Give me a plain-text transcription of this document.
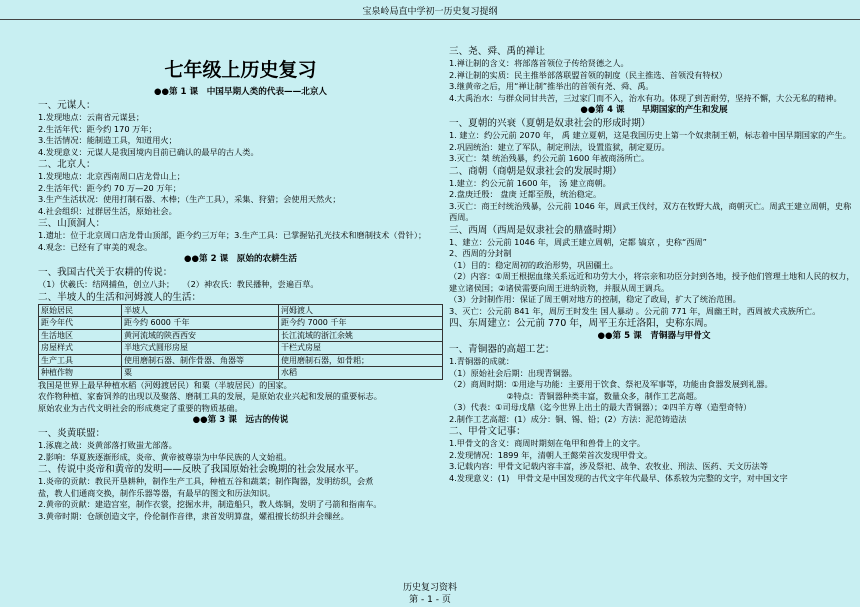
宝泉岭局直中学初一历史复习提纲
七年级上历史复习
●●第 1 课　中国早期人类的代表——北京人
一、元谋人：
1.发现地点：云南省元谋县；
2.生活年代：距今约 170 万年；
3.生活情况：能制造工具，知道用火；
4.发现意义：元谋人是我国境内目前已确认的最早的古人类。
二、北京人：
1.发现地点：北京西南周口店龙骨山上；
2.生活年代：距今约 70 万—20 万年；
3.生产生活状况：使用打制石器、木棒；（生产工具），采集、狩猎；会使用天然火；
4.社会组织：过群居生活，原始社会。
三、山顶洞人：
1.遗址：位于北京周口店龙骨山顶部，距今约三万年；3.生产工具：已掌握钻孔光技术和磨制技术（骨针）；
4.观念：已经有了审美的观念。
●●第 2 课　原始的农耕生活
一、我国古代关于农耕的传说：
（1）伏羲氏：结网捕鱼，创立八卦；　　（2）神农氏：教民播种，尝遍百草。
二、半坡人的生活和河姆渡人的生活：
原始居民	半坡人	河姆渡人
距今年代	距今约 6000 千年	距今约 7000 千年
生活地区	黄河流域的陕西西安	长江流域的浙江余姚
房屋样式	半地穴式圆形房屋	干栏式房屋
生产工具	使用磨制石器、制作骨器、角器等	使用磨制石器，如骨耜；
种植作物	粟	水稻
我国是世界上最早种植水稻（河姆渡居民）和粟（半坡居民）的国家。
农作物种植、家畜饲养的出现以及聚落、磨制工具的发展，是原始农业兴起和发展的重要标志。
原始农业为古代文明社会的形成奠定了重要的物质基础。
●●第 3 课　远古的传说
一、炎黄联盟：
1.涿鹿之战：炎黄部落打败蚩尤部落。
2.影响：华夏族逐渐形成，炎帝、黄帝被尊崇为中华民族的人文始祖。
二、传说中炎帝和黄帝的发明——反映了我国原始社会晚期的社会发展水平。
1.炎帝的贡献：教民开垦耕种，制作生产工具，种植五谷和蔬菜；制作陶器，发明纺织，会煮
盐，教人们通商交换，制作乐器等器，有最早的图文和历法知识。
2.黄帝的贡献：建造宫室，制作衣裳，挖掘水井，制造船只，教人炼铜，发明了弓箭和指南车。
3.黄帝时期：仓颉创造文字，伶伦制作音律，隶首发明算盘，嫘祖擅长纺织并会缫丝。
三、尧、舜、禹的禅让
1.禅让制的含义：将部落首领位子传给贤德之人。
2.禅让制的实质：民主推举部落联盟首领的制度（民主推选、首领没有特权）
3.继黄帝之后，用“禅让制”推举出的首领有尧、舜、禹。
4.大禹治水：与群众同甘共苦，三过家门而不入，治水有功。体现了到苦耐劳，坚持不懈，大公无私的精神。
●●第 4 课　　早期国家的产生和发展
一、夏朝的兴衰（夏朝是奴隶社会的形成时期）
1. 建立：约公元前 2070 年， 禹 建立夏朝，这是我国历史上第一个奴隶制王朝，标志着中国早期国家的产生。
2.巩固统治：建立了军队，制定刑法，设置监狱，制定夏历。
3.灭亡：桀 统治残暴，约公元前 1600 年被商汤所亡。
二、商朝（商朝是奴隶社会的发展时期）
1.建立：约公元前 1600 年， 汤 建立商朝。
2.盘庚迁殷： 盘庚 迁都至殷，统治稳定。
3.灭亡：商王纣统治残暴，公元前 1046 年，周武王伐纣，双方在牧野大战，商朝灭亡。周武王建立周朝，史称西周。
三、西周（西周是奴隶社会的鼎盛时期）
1、建立：公元前 1046 年，周武王建立周朝，定都 镐京 ，史称“西周”
2、西周的分封制
（1）目的：稳定周初的政治形势，巩固疆土。
（2）内容：①周王根据血缘关系远近和功劳大小，将宗亲和功臣分封到各地，授予他们管理土地和人民的权力，建立诸侯国；②诸侯需要向周王进纳贡物，并服从周王调兵。
（3）分封制作用：保证了周王朝对地方的控制，稳定了政局，扩大了统治范围。
3、灭亡：公元前 841 年，周厉王时发生 国人暴动 。公元前 771 年，周幽王时，西周被犬戎族所亡。
四、东周建立：公元前 770 年，周平王东迁洛阳，史称东周。
●●第 5 课　青铜器与甲骨文
一、青铜器的高超工艺：
1.青铜器的成就：
（1）原始社会后期：出现青铜器。
（2）商周时期：①用途与功能：主要用于饮食、祭祀及军事等，功能由食器发展到礼器。
　　　　　　　②特点：青铜器种类丰富，数量众多，制作工艺高超。
（3）代表：①司母戊鼎（迄今世界上出土的最大青铜器）；②四羊方尊（造型奇特）
2.制作工艺高超：(1）成分：铜、锡、铅；(2）方法：泥范铸造法
二、甲骨文记事：
1.甲骨文的含义：商周时期刻在龟甲和兽骨上的文字。
2.发现情况：1899 年，清朝人王懿荣首次发现甲骨文。
3.记载内容：甲骨文记载内容丰富，涉及祭祀、战争、农牧业、刑法、医药、天文历法等
4.发现意义：(1)　甲骨文是中国发现的古代文字年代最早、体系较为完整的文字，对中国文字
历史复习资料
第 - 1 - 页
